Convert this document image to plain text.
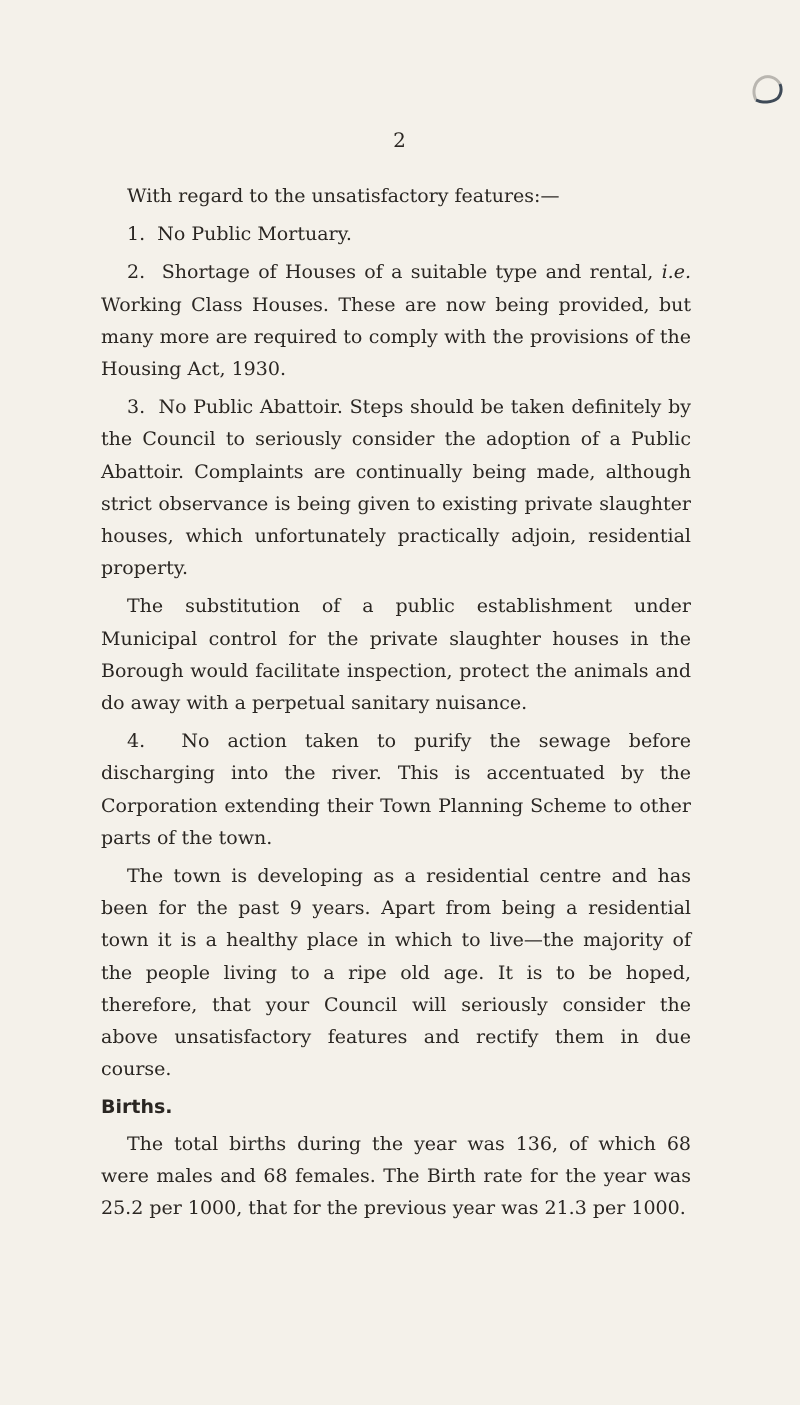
2

With regard to the unsatisfactory features:—

1. No Public Mortuary.

2. Shortage of Houses of a suitable type and rental, i.e. Working Class Houses. These are now being provided, but many more are required to comply with the provisions of the Housing Act, 1930.

3. No Public Abattoir. Steps should be taken definitely by the Council to seriously consider the adoption of a Public Abattoir. Complaints are continually being made, although strict observance is being given to existing private slaughter houses, which unfortunately practically adjoin, residential property.

The substitution of a public establishment under Municipal control for the private slaughter houses in the Borough would facilitate inspection, protect the animals and do away with a perpetual sanitary nuisance.

4. No action taken to purify the sewage before discharging into the river. This is accentuated by the Corporation extending their Town Planning Scheme to other parts of the town.

The town is developing as a residential centre and has been for the past 9 years. Apart from being a residential town it is a healthy place in which to live—the majority of the people living to a ripe old age. It is to be hoped, therefore, that your Council will seriously consider the above unsatisfactory features and rectify them in due course.

Births.

The total births during the year was 136, of which 68 were males and 68 females. The Birth rate for the year was 25.2 per 1000, that for the previous year was 21.3 per 1000.
